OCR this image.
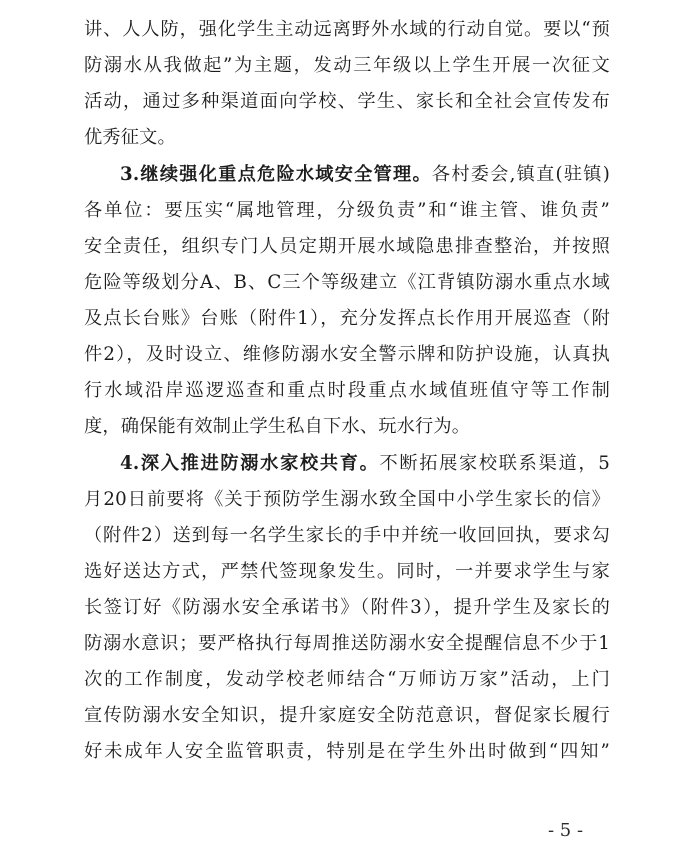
讲、人人防，强化学生主动远离野外水域的行动自觉。要以“预
防溺水从我做起”为主题，发动三年级以上学生开展一次征文
活动，通过多种渠道面向学校、学生、家长和全社会宣传发布
优秀征文。
3.继续强化重点危险水域安全管理。各村委会,镇直(驻镇)
各单位：要压实“属地管理，分级负责”和“谁主管、谁负责”
安全责任，组织专门人员定期开展水域隐患排查整治，并按照
危险等级划分A、B、C三个等级建立《江背镇防溺水重点水域
及点长台账》台账（附件1），充分发挥点长作用开展巡查（附
件2），及时设立、维修防溺水安全警示牌和防护设施，认真执
行水域沿岸巡逻巡查和重点时段重点水域值班值守等工作制
度，确保能有效制止学生私自下水、玩水行为。
4.深入推进防溺水家校共育。不断拓展家校联系渠道，5
月20日前要将《关于预防学生溺水致全国中小学生家长的信》
（附件2）送到每一名学生家长的手中并统一收回回执，要求勾
选好送达方式，严禁代签现象发生。同时，一并要求学生与家
长签订好《防溺水安全承诺书》（附件3），提升学生及家长的
防溺水意识；要严格执行每周推送防溺水安全提醒信息不少于1
次的工作制度，发动学校老师结合“万师访万家”活动，上门
宣传防溺水安全知识，提升家庭安全防范意识，督促家长履行
好未成年人安全监管职责，特别是在学生外出时做到“四知”
- 5 -
